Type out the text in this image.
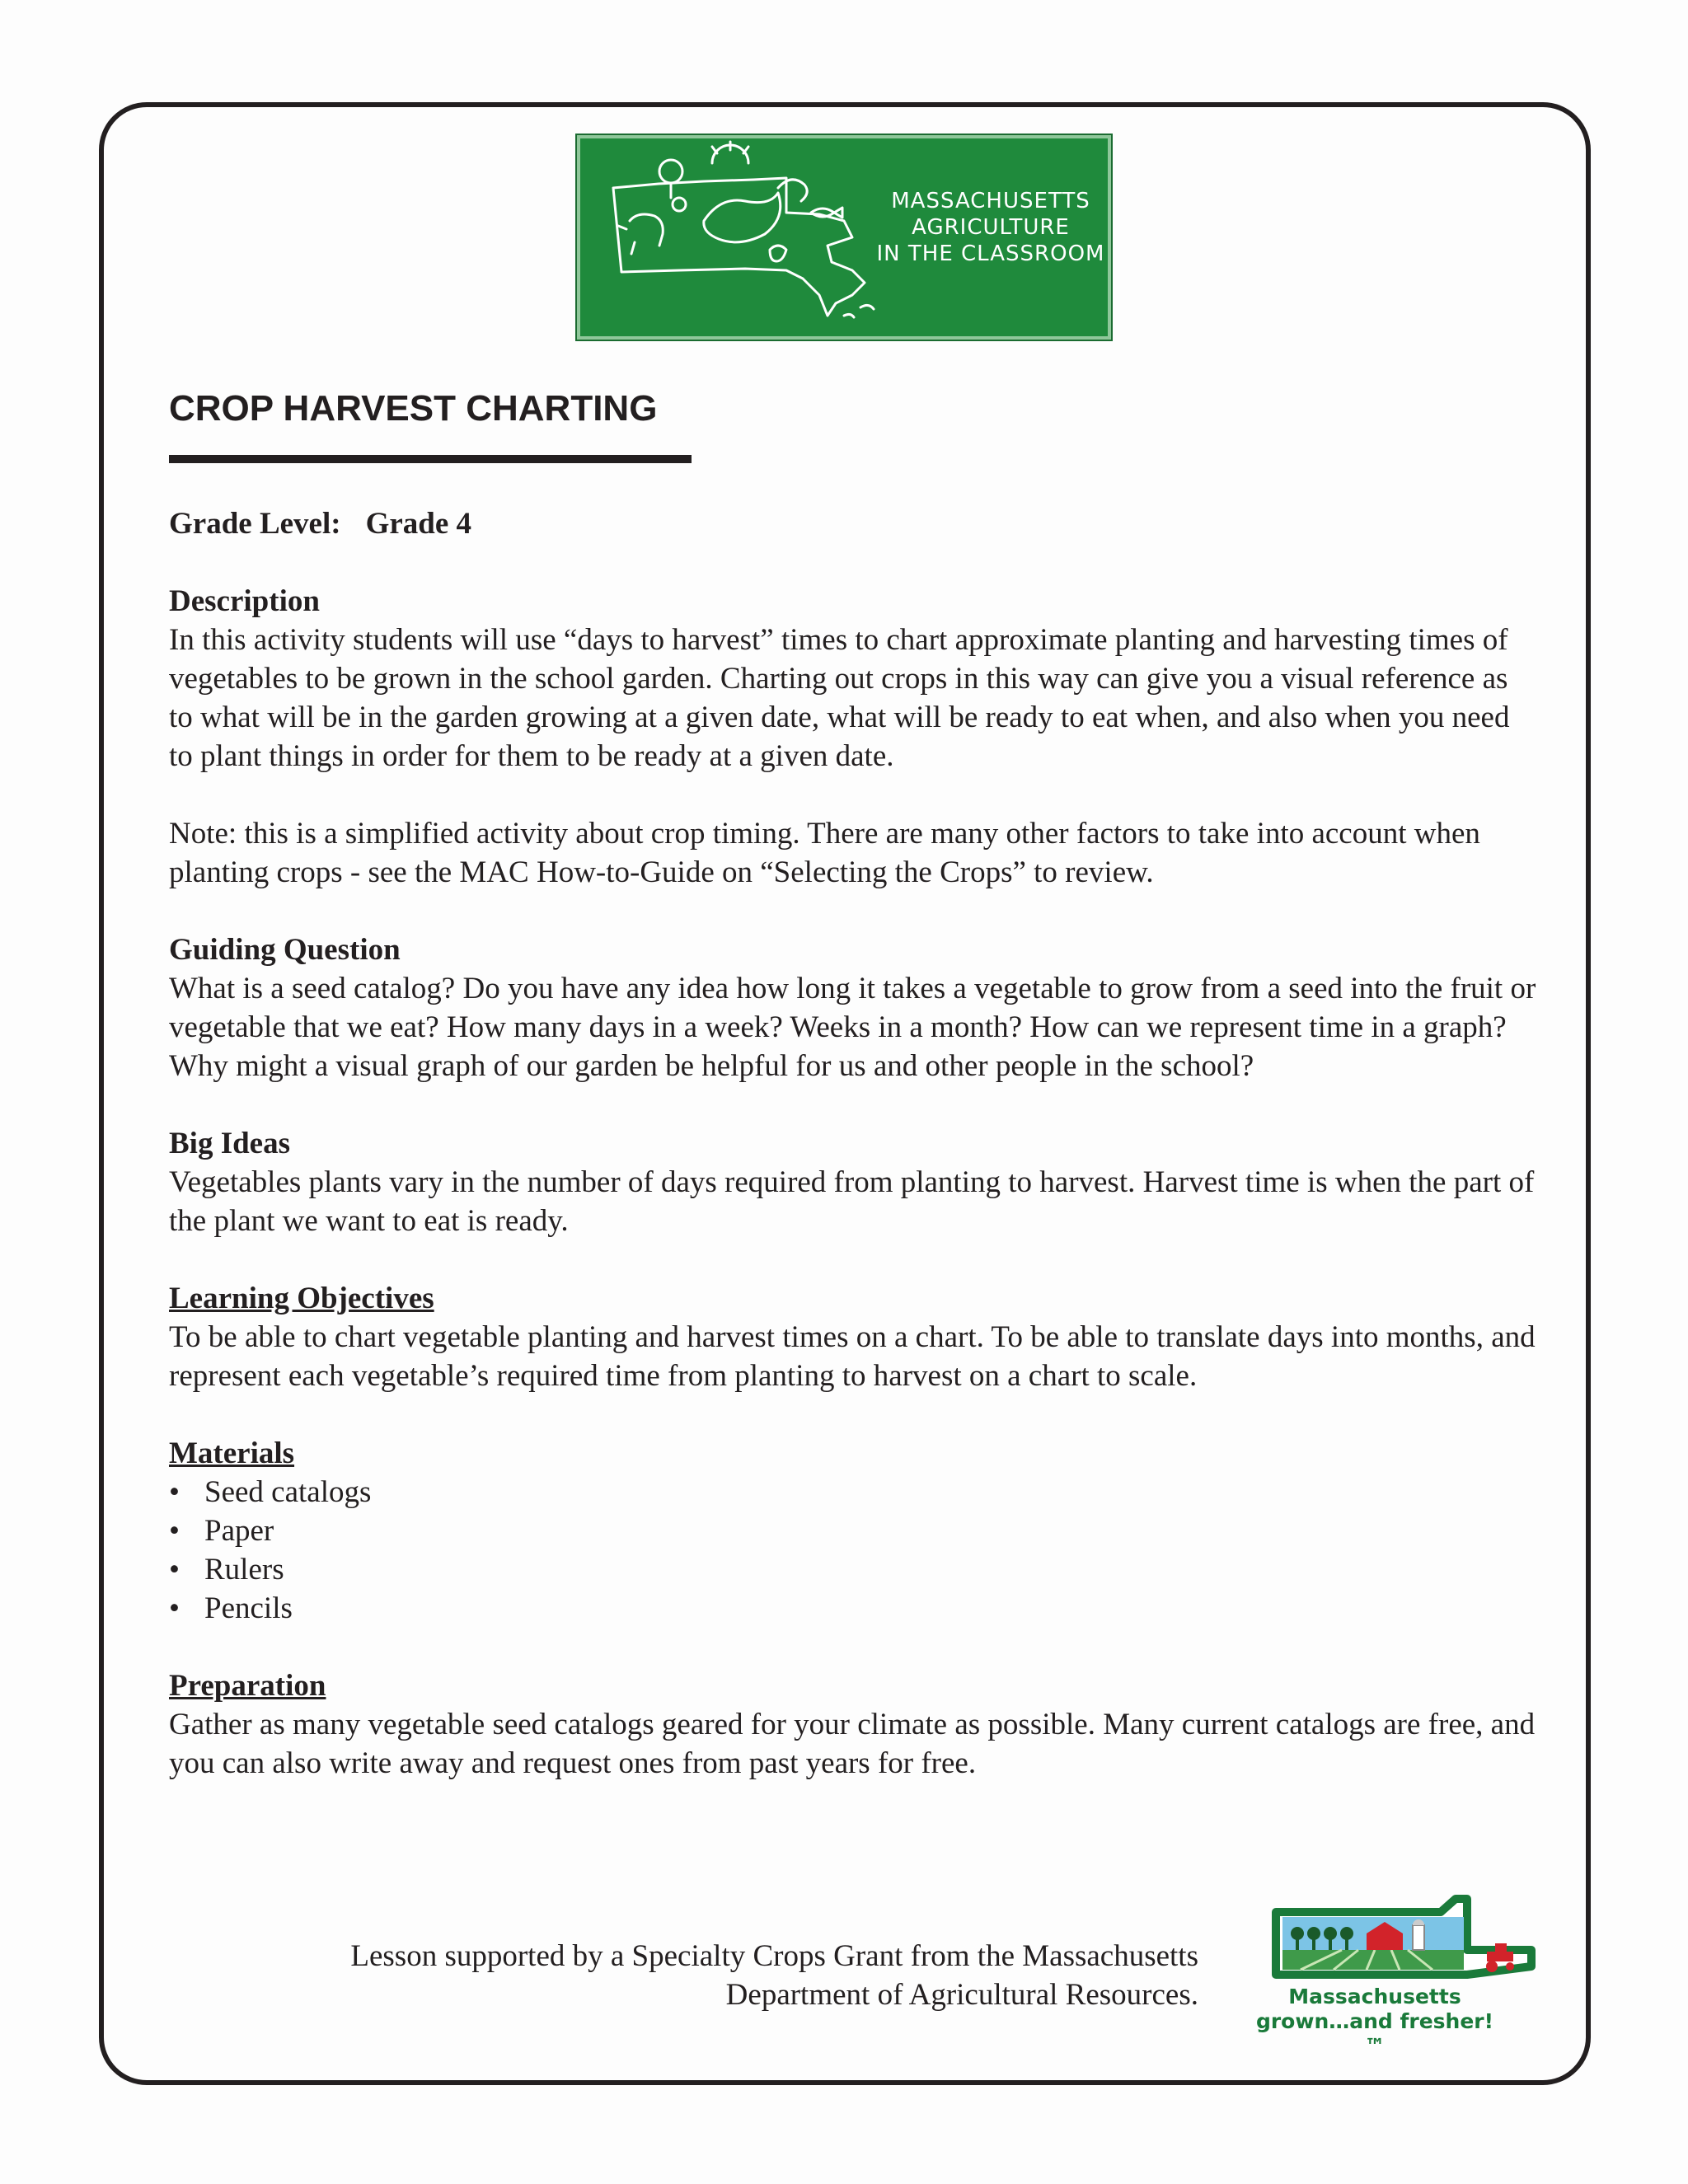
MASSACHUSETTS
AGRICULTURE
IN THE CLASSROOM
CROP HARVEST CHARTING
Grade Level: Grade 4
Description

In this activity students will use “days to harvest” times to chart approximate planting and harvesting times of vegetables to be grown in the school garden. Charting out crops in this way can give you a visual reference as to what will be in the garden growing at a given date, what will be ready to eat when, and also when you need to plant things in order for them to be ready at a given date.

Note: this is a simplified activity about crop timing. There are many other factors to take into account when planting crops - see the MAC How-to-Guide on “Selecting the Crops” to review.

Guiding Question

What is a seed catalog? Do you have any idea how long it takes a vegetable to grow from a seed into the fruit or vegetable that we eat? How many days in a week? Weeks in a month? How can we represent time in a graph? Why might a visual graph of our garden be helpful for us and other people in the school?

Big Ideas

Vegetables plants vary in the number of days required from planting to harvest. Harvest time is when the part of the plant we want to eat is ready.

Learning Objectives

To be able to chart vegetable planting and harvest times on a chart. To be able to translate days into months, and represent each vegetable’s required time from planting to harvest on a chart to scale.

Materials
• Seed catalogs
• Paper
• Rulers
• Pencils
Preparation

Gather as many vegetable seed catalogs geared for your climate as possible. Many current catalogs are free, and you can also write away and request ones from past years for free.

Lesson supported by a Specialty Crops Grant from the Massachusetts
Department of Agricultural Resources.	Massachusetts
grown…and fresher!™
